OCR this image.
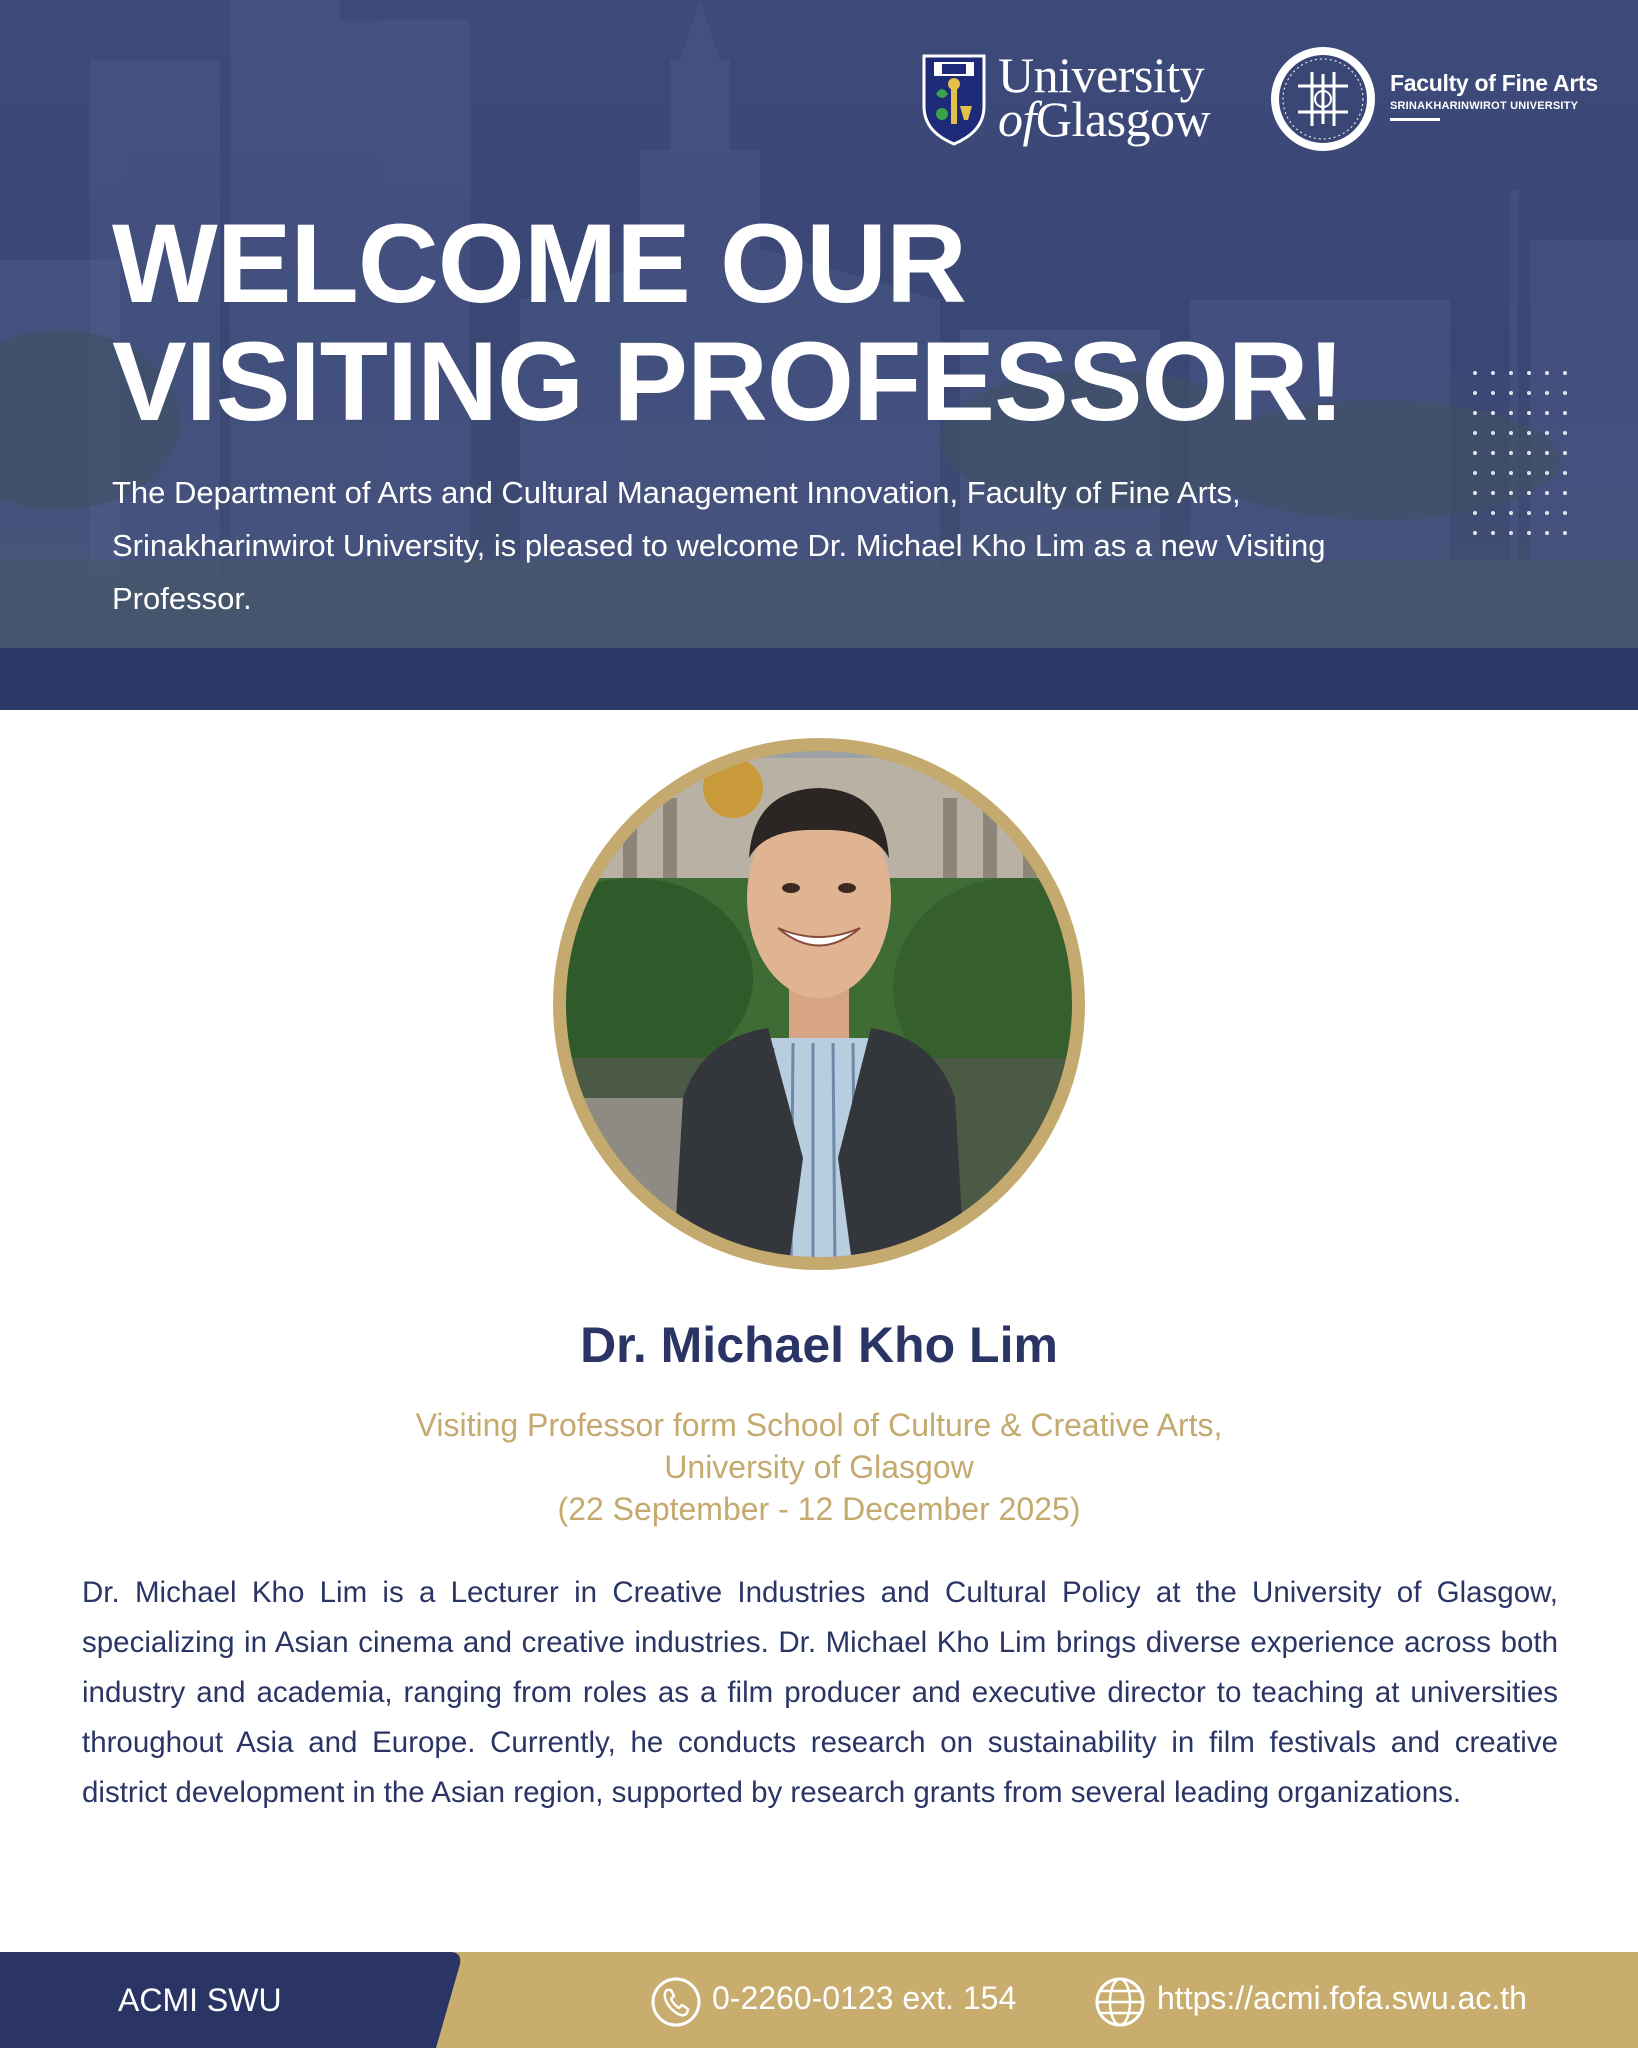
University
ofGlasgow
Faculty of Fine Arts
SRINAKHARINWIROT UNIVERSITY
WELCOME OUR
VISITING PROFESSOR!
The Department of Arts and Cultural Management Innovation, Faculty of Fine Arts, Srinakharinwirot University, is pleased to welcome Dr. Michael Kho Lim as a new Visiting Professor.
Dr. Michael Kho Lim
Visiting Professor form School of Culture & Creative Arts,
University of Glasgow
(22 September - 12 December 2025)
Dr. Michael Kho Lim is a Lecturer in Creative Industries and Cultural Policy at the University of Glasgow, specializing in Asian cinema and creative industries. Dr. Michael Kho Lim brings diverse experience across both industry and academia, ranging from roles as a film producer and executive director to teaching at universities throughout Asia and Europe. Currently, he conducts research on sustainability in film festivals and creative district development in the Asian region, supported by research grants from several leading organizations.
ACMI SWU	0-2260-0123 ext. 154	https://acmi.fofa.swu.ac.th
